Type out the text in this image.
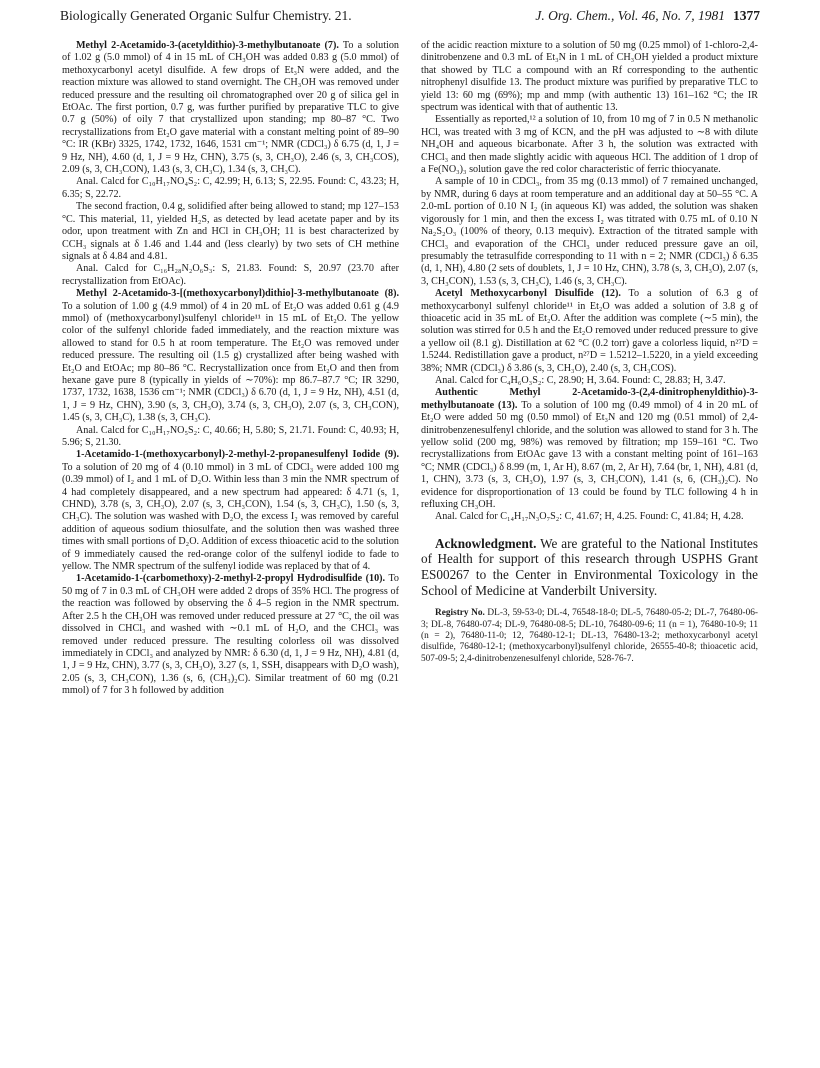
Biologically Generated Organic Sulfur Chemistry. 21.	J. Org. Chem., Vol. 46, No. 7, 1981 1377

Methyl 2-Acetamido-3-(acetyldithio)-3-methylbutanoate (7). To a solution of 1.02 g (5.0 mmol) of 4 in 15 mL of CH₃OH was added 0.83 g (5.0 mmol) of methoxycarbonyl acetyl disulfide. A few drops of Et₃N were added, and the reaction mixture was allowed to stand overnight. The CH₃OH was removed under reduced pressure and the resulting oil chromatographed over 20 g of silica gel in EtOAc. The first portion, 0.7 g, was further purified by preparative TLC to give 0.7 g (50%) of oily 7 that crystallized upon standing; mp 80–87 °C. Two recrystallizations from Et₂O gave material with a constant melting point of 89–90 °C: IR (KBr) 3325, 1742, 1732, 1646, 1531 cm⁻¹; NMR (CDCl₃) δ 6.75 (d, 1, J = 9 Hz, NH), 4.60 (d, 1, J = 9 Hz, CHN), 3.75 (s, 3, CH₃O), 2.46 (s, 3, CH₃COS), 2.09 (s, 3, CH₃CON), 1.43 (s, 3, CH₃C), 1.34 (s, 3, CH₃C).

Anal. Calcd for C₁₀H₁₇NO₄S₂: C, 42.99; H, 6.13; S, 22.95. Found: C, 43.23; H, 6.35; S, 22.72.

The second fraction, 0.4 g, solidified after being allowed to stand; mp 127–153 °C. This material, 11, yielded H₂S, as detected by lead acetate paper and by its odor, upon treatment with Zn and HCl in CH₃OH; 11 is best characterized by CCH₃ signals at δ 1.46 and 1.44 and (less clearly) by two sets of CH methine signals at δ 4.84 and 4.81.

Anal. Calcd for C₁₆H₂₈N₂O₆S₃: S, 21.83. Found: S, 20.97 (23.70 after recrystallization from EtOAc).

Methyl 2-Acetamido-3-[(methoxycarbonyl)dithio]-3-methylbutanoate (8). To a solution of 1.00 g (4.9 mmol) of 4 in 20 mL of Et₂O was added 0.61 g (4.9 mmol) of (methoxycarbonyl)sulfenyl chloride¹¹ in 15 mL of Et₂O. The yellow color of the sulfenyl chloride faded immediately, and the reaction mixture was allowed to stand for 0.5 h at room temperature. The Et₂O was removed under reduced pressure. The resulting oil (1.5 g) crystallized after being washed with Et₂O and EtOAc; mp 80–86 °C. Recrystallization once from Et₂O and then from hexane gave pure 8 (typically in yields of ∼70%): mp 86.7–87.7 °C; IR 3290, 1737, 1732, 1638, 1536 cm⁻¹; NMR (CDCl₃) δ 6.70 (d, 1, J = 9 Hz, NH), 4.51 (d, 1, J = 9 Hz, CHN), 3.90 (s, 3, CH₃O), 3.74 (s, 3, CH₃O), 2.07 (s, 3, CH₃CON), 1.45 (s, 3, CH₃C), 1.38 (s, 3, CH₃C).

Anal. Calcd for C₁₀H₁₇NO₅S₂: C, 40.66; H, 5.80; S, 21.71. Found: C, 40.93; H, 5.96; S, 21.30.

1-Acetamido-1-(methoxycarbonyl)-2-methyl-2-propanesulfenyl Iodide (9). To a solution of 20 mg of 4 (0.10 mmol) in 3 mL of CDCl₃ were added 100 mg (0.39 mmol) of I₂ and 1 mL of D₂O. Within less than 3 min the NMR spectrum of 4 had completely disappeared, and a new spectrum had appeared: δ 4.71 (s, 1, CHND), 3.78 (s, 3, CH₃O), 2.07 (s, 3, CH₃CON), 1.54 (s, 3, CH₃C), 1.50 (s, 3, CH₃C). The solution was washed with D₂O, the excess I₂ was removed by careful addition of aqueous sodium thiosulfate, and the solution then was washed three times with small portions of D₂O. Addition of excess thioacetic acid to the solution of 9 immediately caused the red-orange color of the sulfenyl iodide to fade to yellow. The NMR spectrum of the sulfenyl iodide was replaced by that of 4.

1-Acetamido-1-(carbomethoxy)-2-methyl-2-propyl Hydrodisulfide (10). To 50 mg of 7 in 0.3 mL of CH₃OH were added 2 drops of 35% HCl. The progress of the reaction was followed by observing the δ 4–5 region in the NMR spectrum. After 2.5 h the CH₃OH was removed under reduced pressure at 27 °C, the oil was dissolved in CHCl₃ and washed with ∼0.1 mL of H₂O, and the CHCl₃ was removed under reduced pressure. The resulting colorless oil was dissolved immediately in CDCl₃ and analyzed by NMR: δ 6.30 (d, 1, J = 9 Hz, NH), 4.81 (d, 1, J = 9 Hz, CHN), 3.77 (s, 3, CH₃O), 3.27 (s, 1, SSH, disappears with D₂O wash), 2.05 (s, 3, CH₃CON), 1.36 (s, 6, (CH₃)₂C). Similar treatment of 60 mg (0.21 mmol) of 7 for 3 h followed by addition

of the acidic reaction mixture to a solution of 50 mg (0.25 mmol) of 1-chloro-2,4-dinitrobenzene and 0.3 mL of Et₃N in 1 mL of CH₃OH yielded a product mixture that showed by TLC a compound with an Rf corresponding to the authentic nitrophenyl disulfide 13. The product mixture was purified by preparative TLC to yield 13: 60 mg (69%); mp and mmp (with authentic 13) 161–162 °C; the IR spectrum was identical with that of authentic 13.

Essentially as reported,¹² a solution of 10, from 10 mg of 7 in 0.5 N methanolic HCl, was treated with 3 mg of KCN, and the pH was adjusted to ∼8 with dilute NH₄OH and aqueous bicarbonate. After 3 h, the solution was extracted with CHCl₃ and then made slightly acidic with aqueous HCl. The addition of 1 drop of a Fe(NO₃)₃ solution gave the red color characteristic of ferric thiocyanate.

A sample of 10 in CDCl₃, from 35 mg (0.13 mmol) of 7 remained unchanged, by NMR, during 6 days at room temperature and an additional day at 50–55 °C. A 2.0-mL portion of 0.10 N I₂ (in aqueous KI) was added, the solution was shaken vigorously for 1 min, and then the excess I₂ was titrated with 0.75 mL of 0.10 N Na₂S₂O₃ (100% of theory, 0.13 mequiv). Extraction of the titrated sample with CHCl₃ and evaporation of the CHCl₃ under reduced pressure gave an oil, presumably the tetrasulfide corresponding to 11 with n = 2; NMR (CDCl₃) δ 6.35 (d, 1, NH), 4.80 (2 sets of doublets, 1, J = 10 Hz, CHN), 3.78 (s, 3, CH₃O), 2.07 (s, 3, CH₃CON), 1.53 (s, 3, CH₃C), 1.46 (s, 3, CH₃C).

Acetyl Methoxycarbonyl Disulfide (12). To a solution of 6.3 g of methoxycarbonyl sulfenyl chloride¹¹ in Et₂O was added a solution of 3.8 g of thioacetic acid in 35 mL of Et₂O. After the addition was complete (∼5 min), the solution was stirred for 0.5 h and the Et₂O removed under reduced pressure to give a yellow oil (8.1 g). Distillation at 62 °C (0.2 torr) gave a colorless liquid, n²⁷D = 1.5244. Redistillation gave a product, n²⁷D = 1.5212–1.5220, in a yield exceeding 38%; NMR (CDCl₃) δ 3.86 (s, 3, CH₃O), 2.40 (s, 3, CH₃COS).

Anal. Calcd for C₄H₆O₃S₂: C, 28.90; H, 3.64. Found: C, 28.83; H, 3.47.

Authentic Methyl 2-Acetamido-3-(2,4-dinitrophenyldithio)-3-methylbutanoate (13). To a solution of 100 mg (0.49 mmol) of 4 in 20 mL of Et₂O were added 50 mg (0.50 mmol) of Et₃N and 120 mg (0.51 mmol) of 2,4-dinitrobenzenesulfenyl chloride, and the solution was allowed to stand for 3 h. The yellow solid (200 mg, 98%) was removed by filtration; mp 159–161 °C. Two recrystallizations from EtOAc gave 13 with a constant melting point of 161–163 °C; NMR (CDCl₃) δ 8.99 (m, 1, Ar H), 8.67 (m, 2, Ar H), 7.64 (br, 1, NH), 4.81 (d, 1, CHN), 3.73 (s, 3, CH₃O), 1.97 (s, 3, CH₃CON), 1.41 (s, 6, (CH₃)₂C). No evidence for disproportionation of 13 could be found by TLC following 4 h in refluxing CH₃OH.

Anal. Calcd for C₁₄H₁₇N₃O₇S₂: C, 41.67; H, 4.25. Found: C, 41.84; H, 4.28.

Acknowledgment. We are grateful to the National Institutes of Health for support of this research through USPHS Grant ES00267 to the Center in Environmental Toxicology in the School of Medicine at Vanderbilt University.

Registry No. DL-3, 59-53-0; DL-4, 76548-18-0; DL-5, 76480-05-2; DL-7, 76480-06-3; DL-8, 76480-07-4; DL-9, 76480-08-5; DL-10, 76480-09-6; 11 (n = 1), 76480-10-9; 11 (n = 2), 76480-11-0; 12, 76480-12-1; DL-13, 76480-13-2; methoxycarbonyl acetyl disulfide, 76480-12-1; (methoxycarbonyl)sulfenyl chloride, 26555-40-8; thioacetic acid, 507-09-5; 2,4-dinitrobenzenesulfenyl chloride, 528-76-7.
